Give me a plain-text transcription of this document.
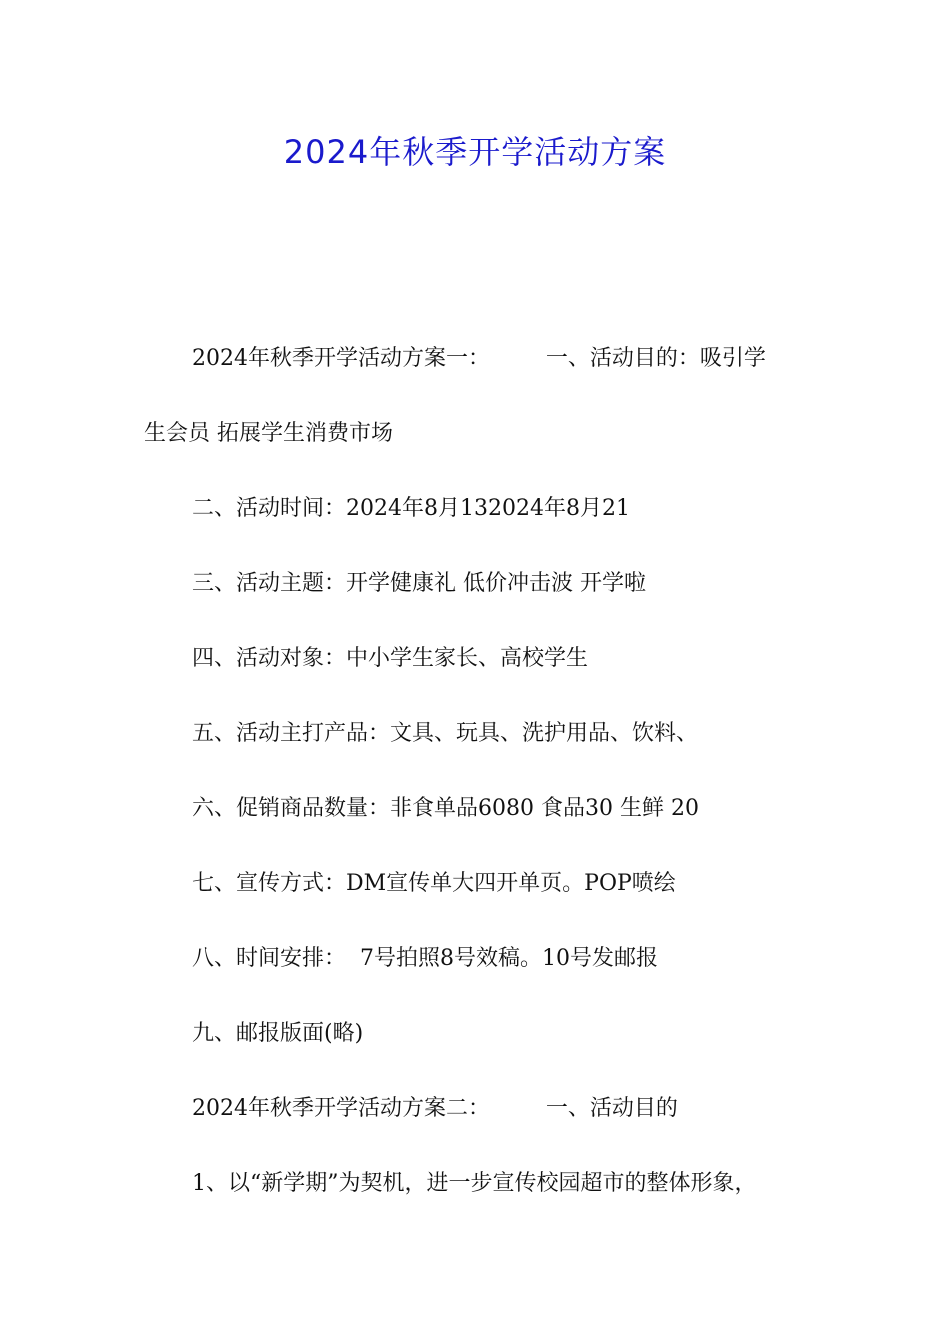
2024年秋季开学活动方案

2024年秋季开学活动方案一：        一、活动目的：吸引学

生会员 拓展学生消费市场

二、活动时间：2024年8月132024年8月21

三、活动主题：开学健康礼 低价冲击波 开学啦

四、活动对象：中小学生家长、高校学生

五、活动主打产品：文具、玩具、洗护用品、饮料、

六、促销商品数量：非食单品6080 食品30 生鲜 20

七、宣传方式：DM宣传单大四开单页。POP喷绘

八、时间安排：  7号拍照8号效稿。10号发邮报

九、邮报版面(略)

2024年秋季开学活动方案二：        一、活动目的

1、以“新学期”为契机，进一步宣传校园超市的整体形象，
